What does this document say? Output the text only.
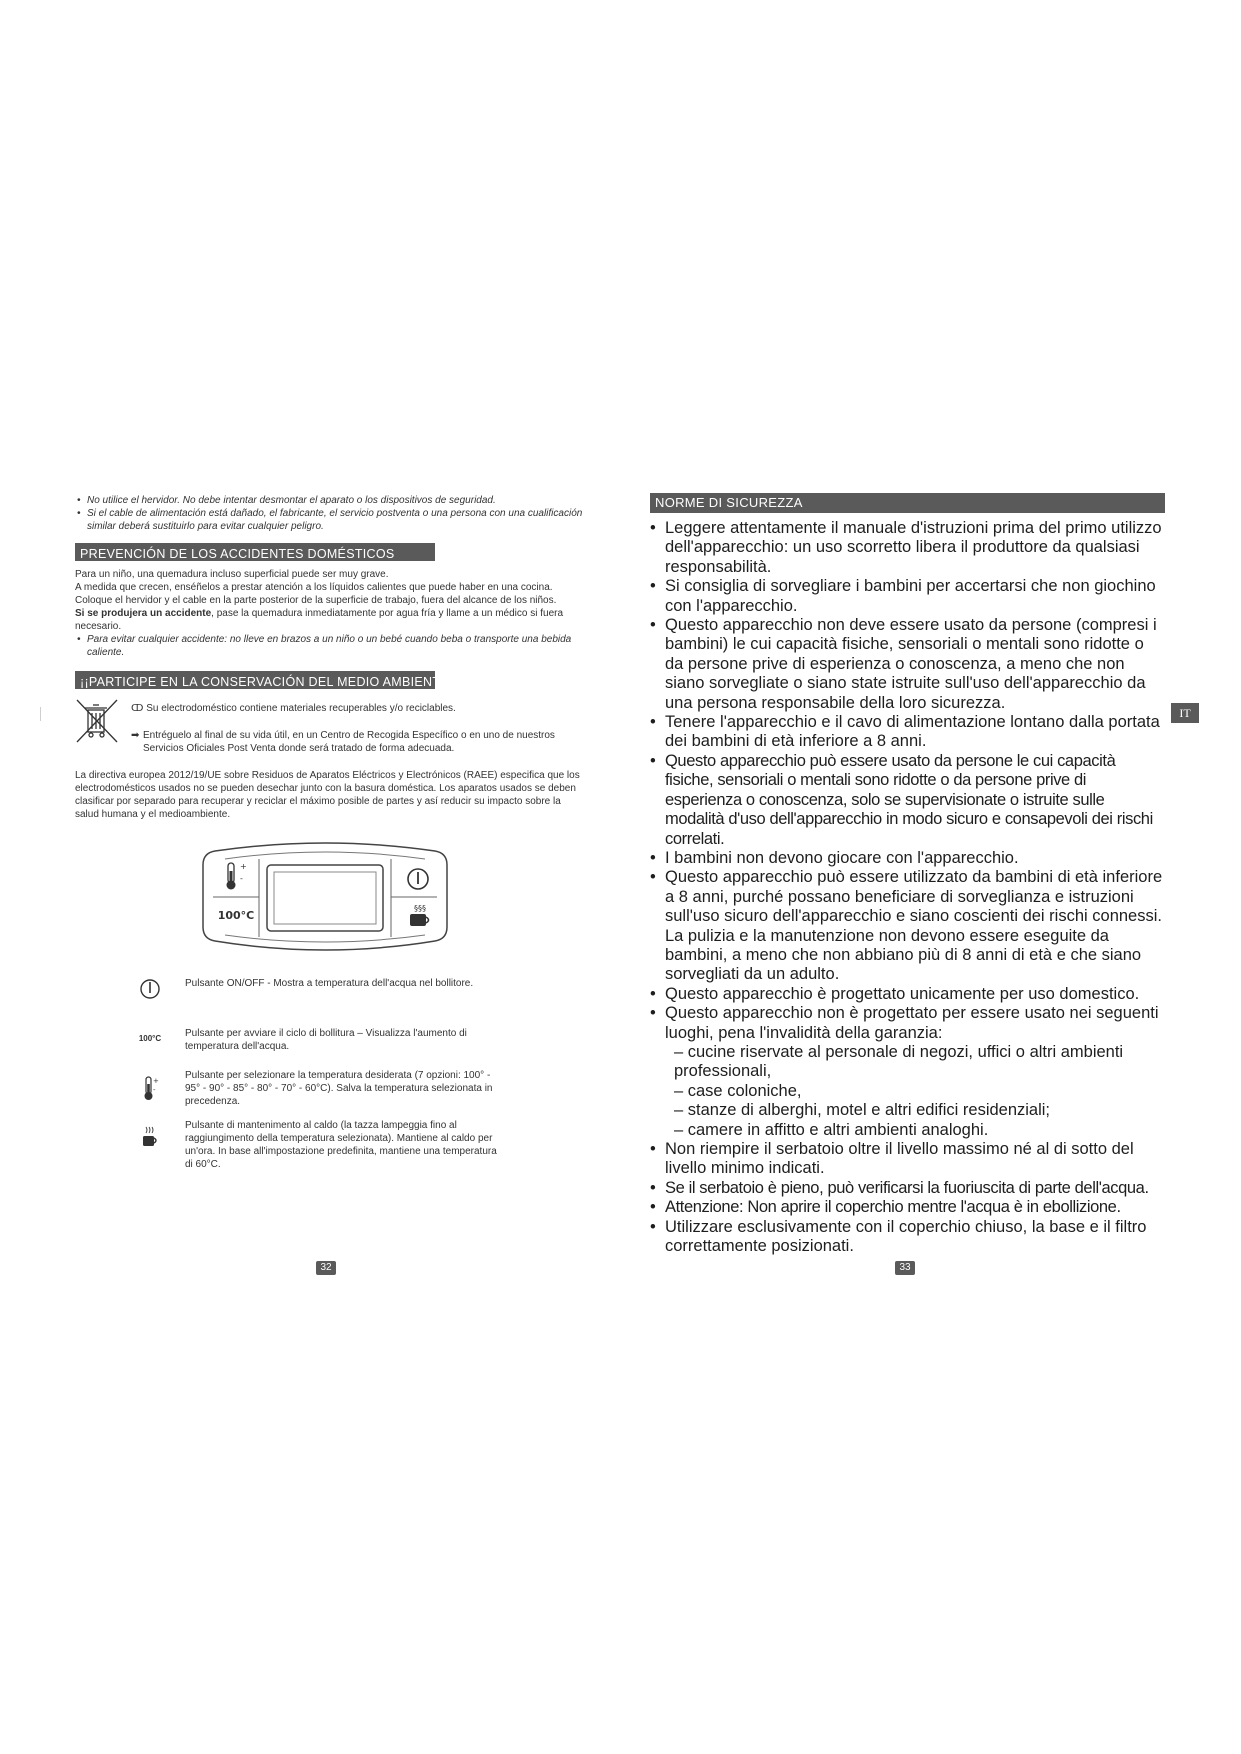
• No utilice el hervidor. No debe intentar desmontar el aparato o los dispositivos de seguridad.
• Si el cable de alimentación está dañado, el fabricante, el servicio postventa o una persona con una cualificación similar deberá sustituirlo para evitar cualquier peligro.
PREVENCIÓN DE LOS ACCIDENTES DOMÉSTICOS
Para un niño, una quemadura incluso superficial puede ser muy grave.
A medida que crecen, enséñelos a prestar atención a los líquidos calientes que puede haber en una cocina. Coloque el hervidor y el cable en la parte posterior de la superficie de trabajo, fuera del alcance de los niños.
Si se produjera un accidente, pase la quemadura inmediatamente por agua fría y llame a un médico si fuera necesario.
• Para evitar cualquier accidente: no lleve en brazos a un niño o un bebé cuando beba o transporte una bebida caliente.
¡¡PARTICIPE EN LA CONSERVACIÓN DEL MEDIO AMBIENTE!!
ↀ Su electrodoméstico contiene materiales recuperables y/o reciclables.
➡ Entréguelo al final de su vida útil, en un Centro de Recogida Específico o en uno de nuestros Servicios Oficiales Post Venta donde será tratado de forma adecuada.
La directiva europea 2012/19/UE sobre Residuos de Aparatos Eléctricos y Electrónicos (RAEE) especifica que los electrodomésticos usados no se pueden desechar junto con la basura doméstica. Los aparatos usados se deben clasificar por separado para recuperar y reciclar el máximo posible de partes y así reducir su impacto sobre la salud humana y el medioambiente.
+
-
100°C
§§§
Pulsante ON/OFF - Mostra a temperatura dell'acqua nel bollitore.
100°C	Pulsante per avviare il ciclo di bollitura – Visualizza l'aumento di temperatura dell'acqua.
+
-
Pulsante per selezionare la temperatura desiderata (7 opzioni: 100° - 95° - 90° - 85° - 80° - 70° - 60°C). Salva la temperatura selezionata in precedenza.
Pulsante di mantenimento al caldo (la tazza lampeggia fino al raggiungimento della temperatura selezionata). Mantiene al caldo per un'ora. In base all'impostazione predefinita, mantiene una temperatura di 60°C.
NORME DI SICUREZZA
• Leggere attentamente il manuale d'istruzioni prima del primo utilizzo dell'apparecchio: un uso scorretto libera il produttore da qualsiasi responsabilità.
• Si consiglia di sorvegliare i bambini per accertarsi che non giochino con l'apparecchio.
• Questo apparecchio non deve essere usato da persone (compresi i bambini) le cui capacità fisiche, sensoriali o mentali sono ridotte o da persone prive di esperienza o conoscenza, a meno che non siano sorvegliate o siano state istruite sull'uso dell'apparecchio da una persona responsabile della loro sicurezza.
• Tenere l'apparecchio e il cavo di alimentazione lontano dalla portata dei bambini di età inferiore a 8 anni.
• Questo apparecchio può essere usato da persone le cui capacità fisiche, sensoriali o mentali sono ridotte o da persone prive di esperienza o conoscenza, solo se supervisionate o istruite sulle modalità d'uso dell'apparecchio in modo sicuro e consapevoli dei rischi correlati.
• I bambini non devono giocare con l'apparecchio.
• Questo apparecchio può essere utilizzato da bambini di età inferiore a 8 anni, purché possano beneficiare di sorveglianza e istruzioni sull'uso sicuro dell'apparecchio e siano coscienti dei rischi connessi. La pulizia e la manutenzione non devono essere eseguite da bambini, a meno che non abbiano più di 8 anni di età e che siano sorvegliati da un adulto.
• Questo apparecchio è progettato unicamente per uso domestico.
• Questo apparecchio non è progettato per essere usato nei seguenti luoghi, pena l'invalidità della garanzia:
– cucine riservate al personale di negozi, uffici o altri ambienti professionali,
– case coloniche,
– stanze di alberghi, motel e altri edifici residenziali;
– camere in affitto e altri ambienti analoghi.
• Non riempire il serbatoio oltre il livello massimo né al di sotto del livello minimo indicati.
• Se il serbatoio è pieno, può verificarsi la fuoriuscita di parte dell'acqua.
• Attenzione: Non aprire il coperchio mentre l'acqua è in ebollizione.
• Utilizzare esclusivamente con il coperchio chiuso, la base e il filtro correttamente posizionati.
IT
32	33
